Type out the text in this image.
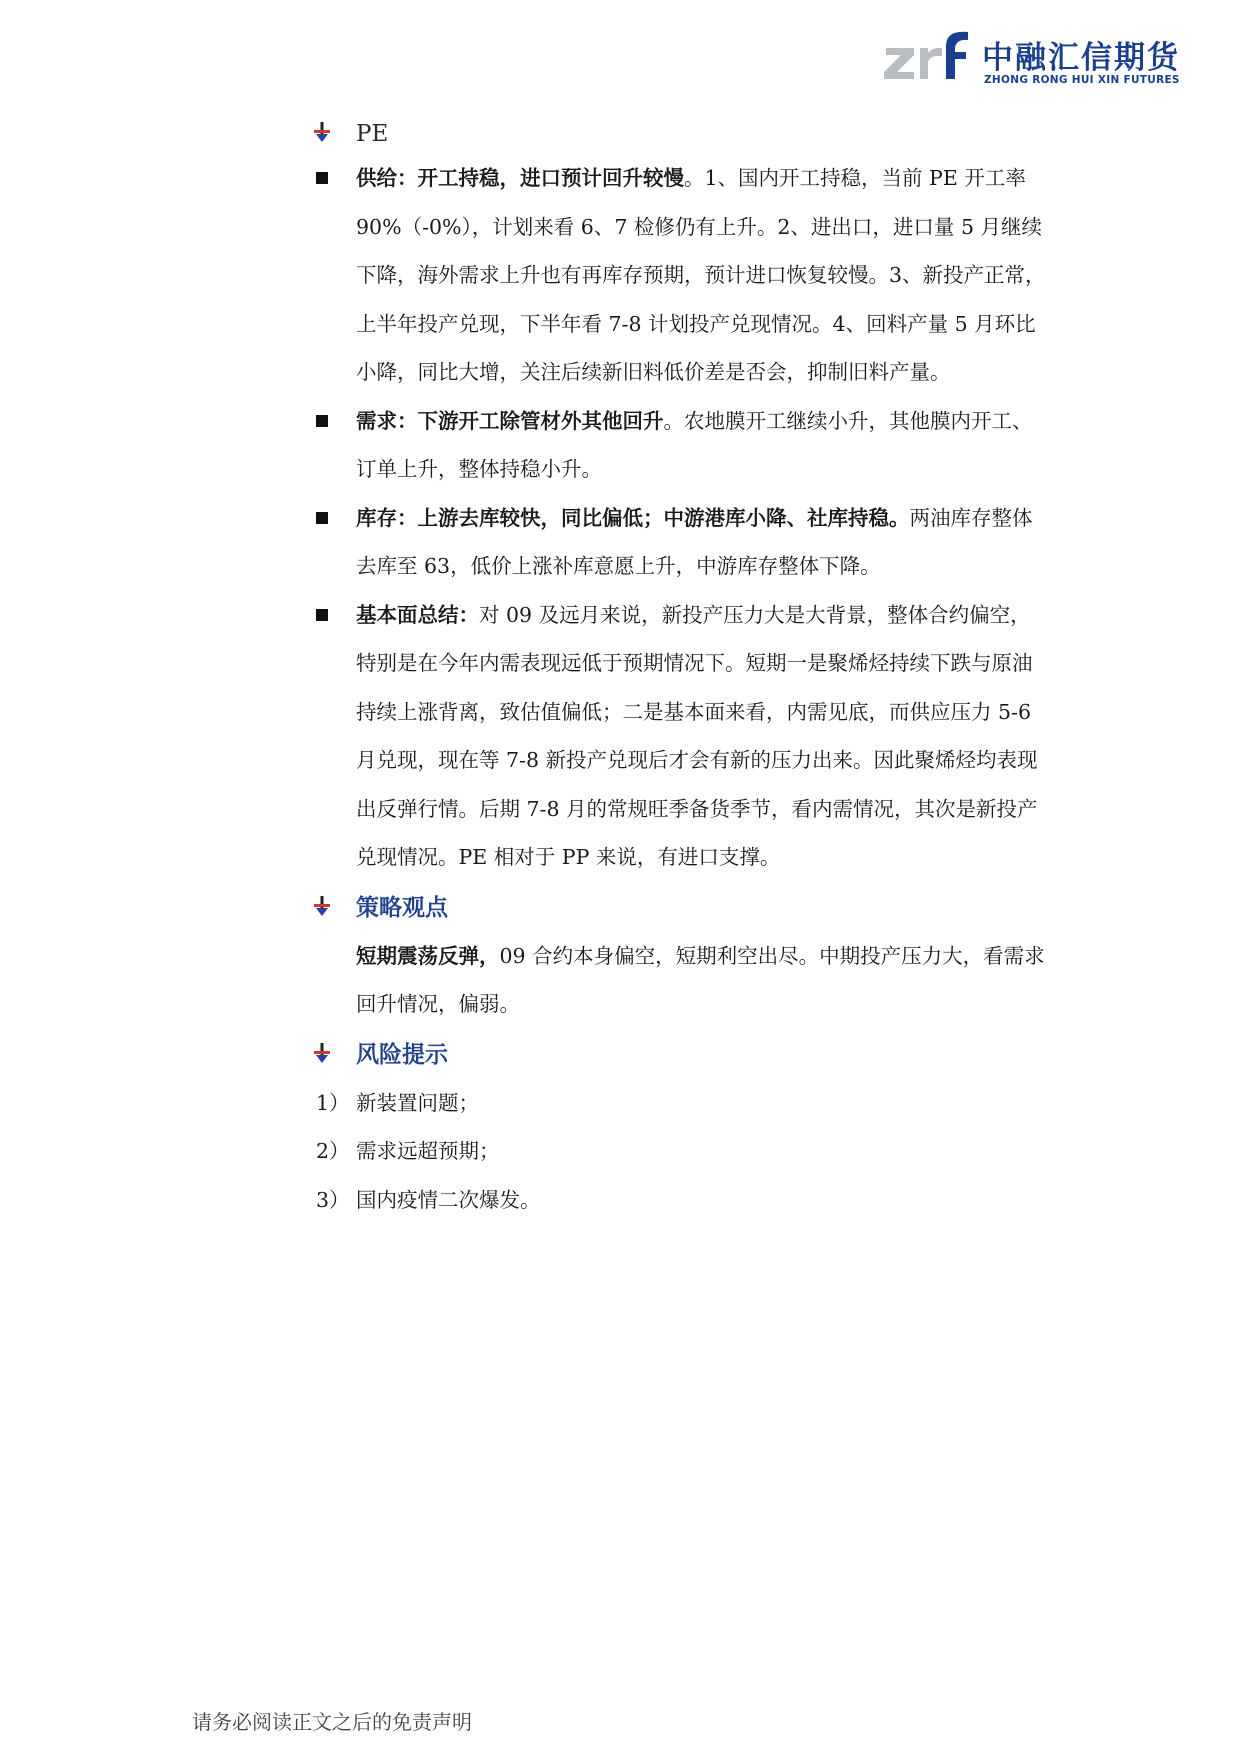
中融汇信期货
ZHONG RONG HUI XIN FUTURES
PE

供给：开工持稳，进口预计回升较慢。1、国内开工持稳，当前 PE 开工率 90%（-0%），计划来看 6、7 检修仍有上升。2、进出口，进口量 5 月继续下降，海外需求上升也有再库存预期，预计进口恢复较慢。3、新投产正常，上半年投产兑现，下半年看 7-8 计划投产兑现情况。4、回料产量 5 月环比小降，同比大增，关注后续新旧料低价差是否会，抑制旧料产量。

需求：下游开工除管材外其他回升。农地膜开工继续小升，其他膜内开工、订单上升，整体持稳小升。

库存：上游去库较快，同比偏低；中游港库小降、社库持稳。两油库存整体去库至 63，低价上涨补库意愿上升，中游库存整体下降。

基本面总结：对 09 及远月来说，新投产压力大是大背景，整体合约偏空，特别是在今年内需表现远低于预期情况下。短期一是聚烯烃持续下跌与原油持续上涨背离，致估值偏低；二是基本面来看，内需见底，而供应压力 5-6 月兑现，现在等 7-8 新投产兑现后才会有新的压力出来。因此聚烯烃均表现出反弹行情。后期 7-8 月的常规旺季备货季节，看内需情况，其次是新投产兑现情况。PE 相对于 PP 来说，有进口支撑。

策略观点

短期震荡反弹，09 合约本身偏空，短期利空出尽。中期投产压力大，看需求回升情况，偏弱。

风险提示
1） 新装置问题；
2） 需求远超预期；
3） 国内疫情二次爆发。
请务必阅读正文之后的免责声明
